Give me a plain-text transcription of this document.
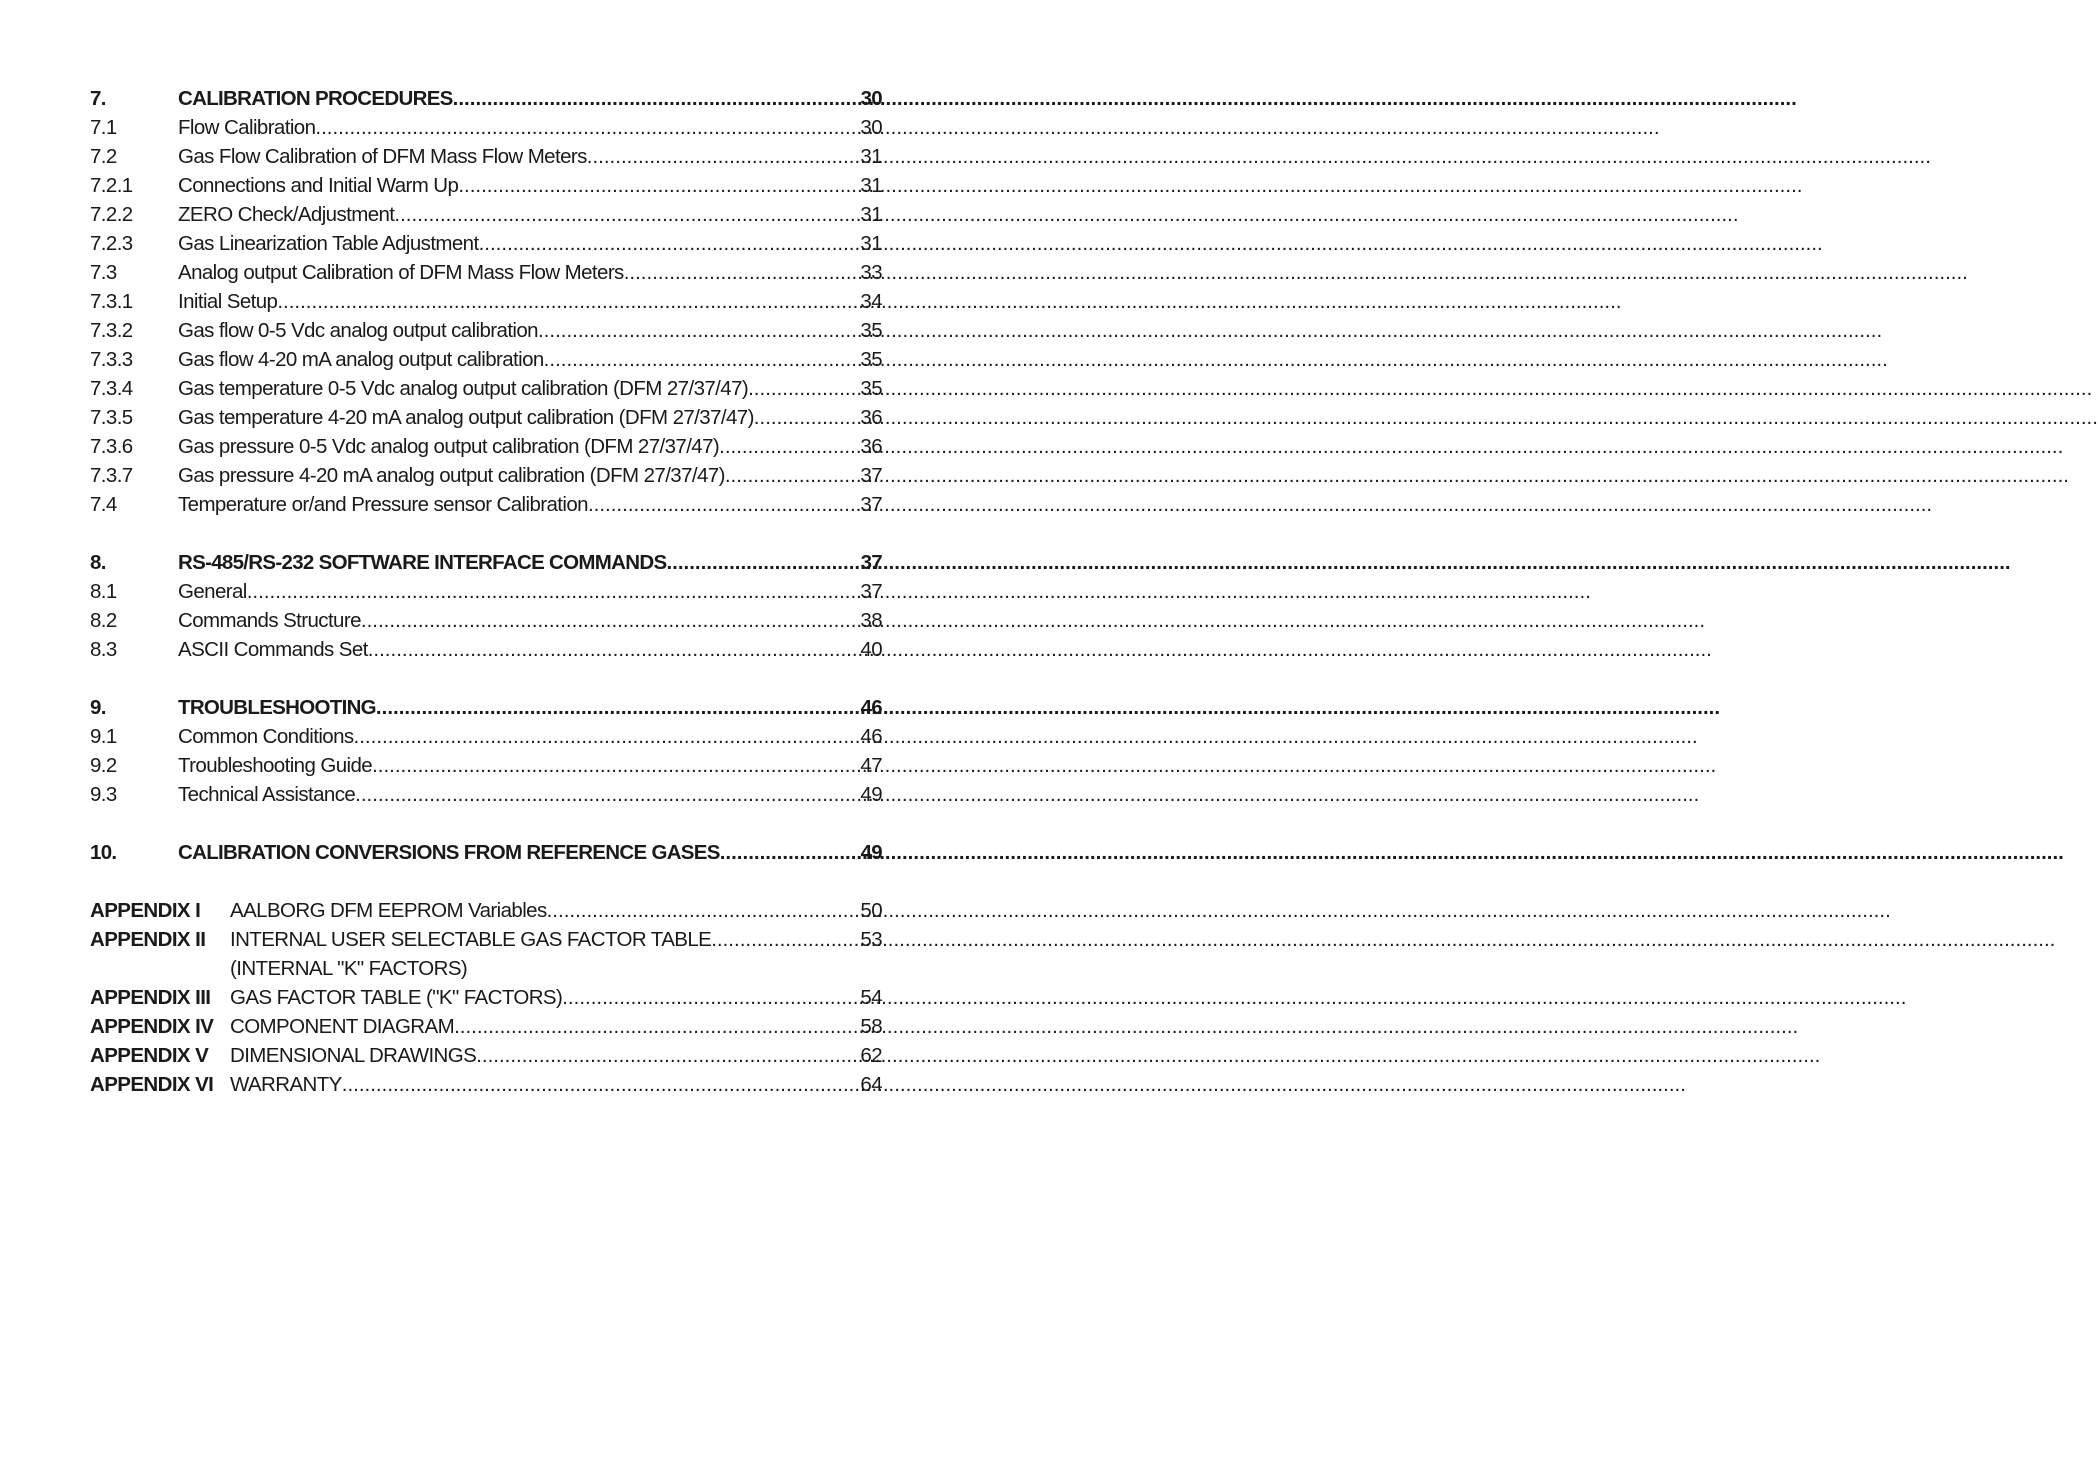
7.	CALIBRATION PROCEDURES .....	30
7.1	Flow Calibration .....	30
7.2	Gas Flow Calibration of DFM Mass Flow Meters .....	31
7.2.1	Connections and Initial Warm Up .....	31
7.2.2	ZERO Check/Adjustment .....	31
7.2.3	Gas Linearization Table Adjustment .....	31
7.3	Analog output Calibration of DFM Mass Flow Meters .....	33
7.3.1	Initial Setup .....	34
7.3.2	Gas flow 0-5 Vdc analog output calibration .....	35
7.3.3	Gas flow 4-20 mA analog output calibration .....	35
7.3.4	Gas temperature 0-5 Vdc analog output calibration (DFM 27/37/47) .....	35
7.3.5	Gas temperature 4-20 mA analog output calibration (DFM 27/37/47) .....	36
7.3.6	Gas pressure 0-5 Vdc analog output calibration (DFM 27/37/47) .....	36
7.3.7	Gas pressure 4-20 mA analog output calibration (DFM 27/37/47) .....	37
7.4	Temperature or/and Pressure sensor Calibration .....	37
8.	RS-485/RS-232 SOFTWARE INTERFACE COMMANDS .....	37
8.1	General .....	37
8.2	Commands Structure .....	38
8.3	ASCII Commands Set .....	40
9.	TROUBLESHOOTING .....	46
9.1	Common Conditions .....	46
9.2	Troubleshooting Guide .....	47
9.3	Technical Assistance .....	49
10.	CALIBRATION CONVERSIONS FROM REFERENCE GASES .....	49
APPENDIX I	AALBORG DFM EEPROM Variables .....	50
APPENDIX II	INTERNAL USER SELECTABLE GAS FACTOR TABLE .....	53
(INTERNAL "K" FACTORS)
APPENDIX III GAS FACTOR TABLE ("K" FACTORS) .....	54
APPENDIX IV COMPONENT DIAGRAM .....	58
APPENDIX V	DIMENSIONAL DRAWINGS .....	62
APPENDIX VI WARRANTY .....	64
